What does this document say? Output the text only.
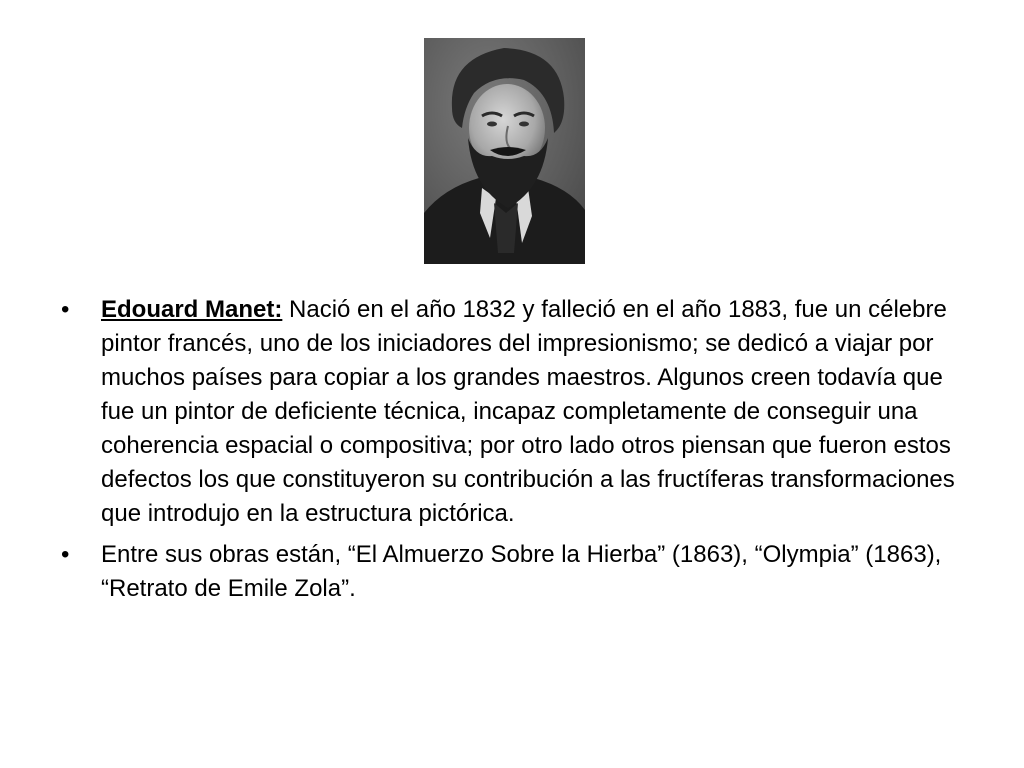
• Edouard Manet: Nació en el año 1832 y falleció en el año 1883, fue un célebre pintor francés, uno de los iniciadores del impresionismo; se dedicó a viajar por muchos países para copiar a los grandes maestros. Algunos creen todavía que fue un pintor de deficiente técnica, incapaz completamente de conseguir una coherencia espacial o compositiva; por otro lado otros piensan que fueron estos defectos los que constituyeron su contribución a las fructíferas transformaciones que introdujo en la estructura pictórica.
• Entre sus obras están, “El Almuerzo Sobre la Hierba” (1863), “Olympia” (1863), “Retrato de Emile Zola”.
